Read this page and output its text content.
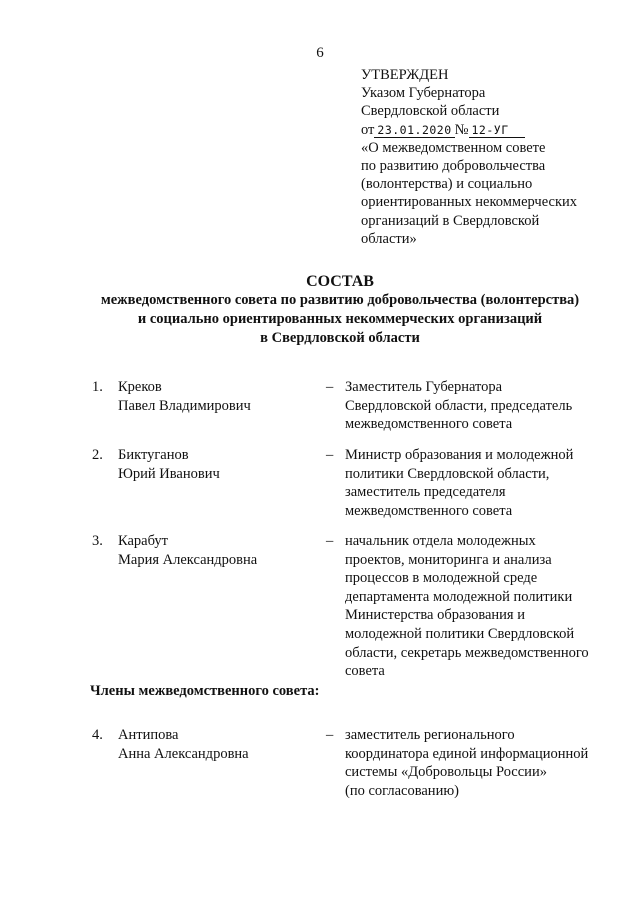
6
УТВЕРЖДЕН
Указом Губернатора
Свердловской области
от 23.01.2020 № 12-УГ
«О межведомственном совете
по развитию добровольчества
(волонтерства) и социально
ориентированных некоммерческих
организаций в Свердловской
области»
СОСТАВ
межведомственного совета по развитию добровольчества (волонтерства)
и социально ориентированных некоммерческих организаций
в Свердловской области
1. Креков
Павел Владимирович
– Заместитель Губернатора
Свердловской области, председатель
межведомственного совета
2. Биктуганов
Юрий Иванович
– Министр образования и молодежной
политики Свердловской области,
заместитель председателя
межведомственного совета
3. Карабут
Мария Александровна
– начальник отдела молодежных
проектов, мониторинга и анализа
процессов в молодежной среде
департамента молодежной политики
Министерства образования и
молодежной политики Свердловской
области, секретарь межведомственного
совета
Члены межведомственного совета:
4. Антипова
Анна Александровна
– заместитель регионального
координатора единой информационной
системы «Добровольцы России»
(по согласованию)
